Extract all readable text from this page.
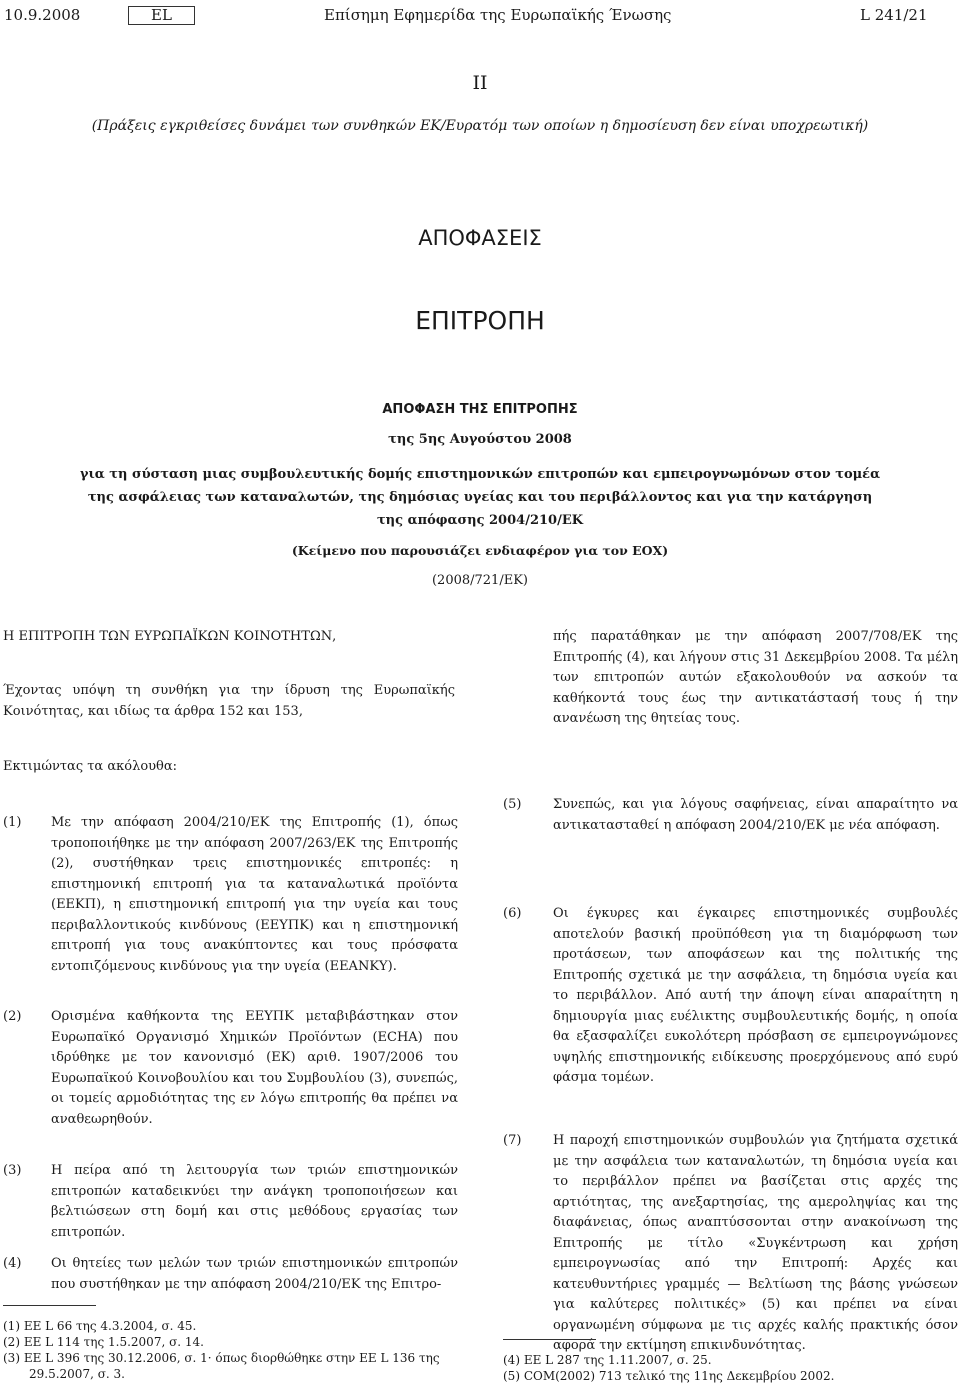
10.9.2008	EL	Επίσημη Εφημερίδα της Ευρωπαϊκής Ένωσης	L 241/21
II
(Πράξεις εγκριθείσες δυνάμει των συνθηκών ΕΚ/Ευρατόμ των οποίων η δημοσίευση δεν είναι υποχρεωτική)
ΑΠΟΦΑΣΕΙΣ
ΕΠΙΤΡΟΠΗ
ΑΠΟΦΑΣΗ ΤΗΣ ΕΠΙΤΡΟΠΗΣ
της 5ης Αυγούστου 2008
για τη σύσταση μιας συμβουλευτικής δομής επιστημονικών επιτροπών και εμπειρογνωμόνων στον τομέα
της ασφάλειας των καταναλωτών, της δημόσιας υγείας και του περιβάλλοντος και για την κατάργηση
της απόφασης 2004/210/ΕΚ
(Κείμενο που παρουσιάζει ενδιαφέρον για τον ΕΟΧ)
(2008/721/ΕΚ)
Η ΕΠΙΤΡΟΠΗ ΤΩΝ ΕΥΡΩΠΑΪΚΩΝ ΚΟΙΝΟΤΗΤΩΝ,
Έχοντας υπόψη τη συνθήκη για την ίδρυση της Ευρωπαϊκής Κοινότητας, και ιδίως τα άρθρα 152 και 153,
πής παρατάθηκαν με την απόφαση 2007/708/ΕΚ της Επιτροπής (4), και λήγουν στις 31 Δεκεμβρίου 2008. Τα μέλη των επιτροπών αυτών εξακολουθούν να ασκούν τα καθήκοντά τους έως την αντικατάστασή τους ή την ανανέωση της θητείας τους.
Εκτιμώντας τα ακόλουθα:
(1) Με την απόφαση 2004/210/ΕΚ της Επιτροπής (1), όπως τροποποιήθηκε με την απόφαση 2007/263/ΕΚ της Επιτροπής (2), συστήθηκαν τρεις επιστημονικές επιτροπές: η επιστημονική επιτροπή για τα καταναλωτικά προϊόντα (ΕΕΚΠ), η επιστημονική επιτροπή για την υγεία και τους περιβαλλοντικούς κινδύνους (ΕΕΥΠΚ) και η επιστημονική επιτροπή για τους ανακύπτοντες και τους πρόσφατα εντοπιζόμενους κινδύνους για την υγεία (ΕΕΑΝΚΥ).
(2) Ορισμένα καθήκοντα της ΕΕΥΠΚ μεταβιβάστηκαν στον Ευρωπαϊκό Οργανισμό Χημικών Προϊόντων (ECHA) που ιδρύθηκε με τον κανονισμό (ΕΚ) αριθ. 1907/2006 του Ευρωπαϊκού Κοινοβουλίου και του Συμβουλίου (3), συνεπώς, οι τομείς αρμοδιότητας της εν λόγω επιτροπής θα πρέπει να αναθεωρηθούν.
(3) Η πείρα από τη λειτουργία των τριών επιστημονικών επιτροπών καταδεικνύει την ανάγκη τροποποιήσεων και βελτιώσεων στη δομή και στις μεθόδους εργασίας των επιτροπών.
(4) Οι θητείες των μελών των τριών επιστημονικών επιτροπών που συστήθηκαν με την απόφαση 2004/210/ΕΚ της Επιτρο-
(5) Συνεπώς, και για λόγους σαφήνειας, είναι απαραίτητο να αντικατασταθεί η απόφαση 2004/210/ΕΚ με νέα απόφαση.
(6) Οι έγκυρες και έγκαιρες επιστημονικές συμβουλές αποτελούν βασική προϋπόθεση για τη διαμόρφωση των προτάσεων, των αποφάσεων και της πολιτικής της Επιτροπής σχετικά με την ασφάλεια, τη δημόσια υγεία και το περιβάλλον. Από αυτή την άποψη είναι απαραίτητη η δημιουργία μιας ευέλικτης συμβουλευτικής δομής, η οποία θα εξασφαλίζει ευκολότερη πρόσβαση σε εμπειρογνώμονες υψηλής επιστημονικής ειδίκευσης προερχόμενους από ευρύ φάσμα τομέων.
(7) Η παροχή επιστημονικών συμβουλών για ζητήματα σχετικά με την ασφάλεια των καταναλωτών, τη δημόσια υγεία και το περιβάλλον πρέπει να βασίζεται στις αρχές της αρτιότητας, της ανεξαρτησίας, της αμεροληψίας και της διαφάνειας, όπως αναπτύσσονται στην ανακοίνωση της Επιτροπής με τίτλο «Συγκέντρωση και χρήση εμπειρογνωσίας από την Επιτροπή: Αρχές και κατευθυντήριες γραμμές — Βελτίωση της βάσης γνώσεων για καλύτερες πολιτικές» (5) και πρέπει να είναι οργανωμένη σύμφωνα με τις αρχές καλής πρακτικής όσον αφορά την εκτίμηση επικινδυνότητας.
(1) ΕΕ L 66 της 4.3.2004, σ. 45.
(2) ΕΕ L 114 της 1.5.2007, σ. 14.
(3) ΕΕ L 396 της 30.12.2006, σ. 1· όπως διορθώθηκε στην ΕΕ L 136 της 29.5.2007, σ. 3.
(4) ΕΕ L 287 της 1.11.2007, σ. 25.
(5) COM(2002) 713 τελικό της 11ης Δεκεμβρίου 2002.
